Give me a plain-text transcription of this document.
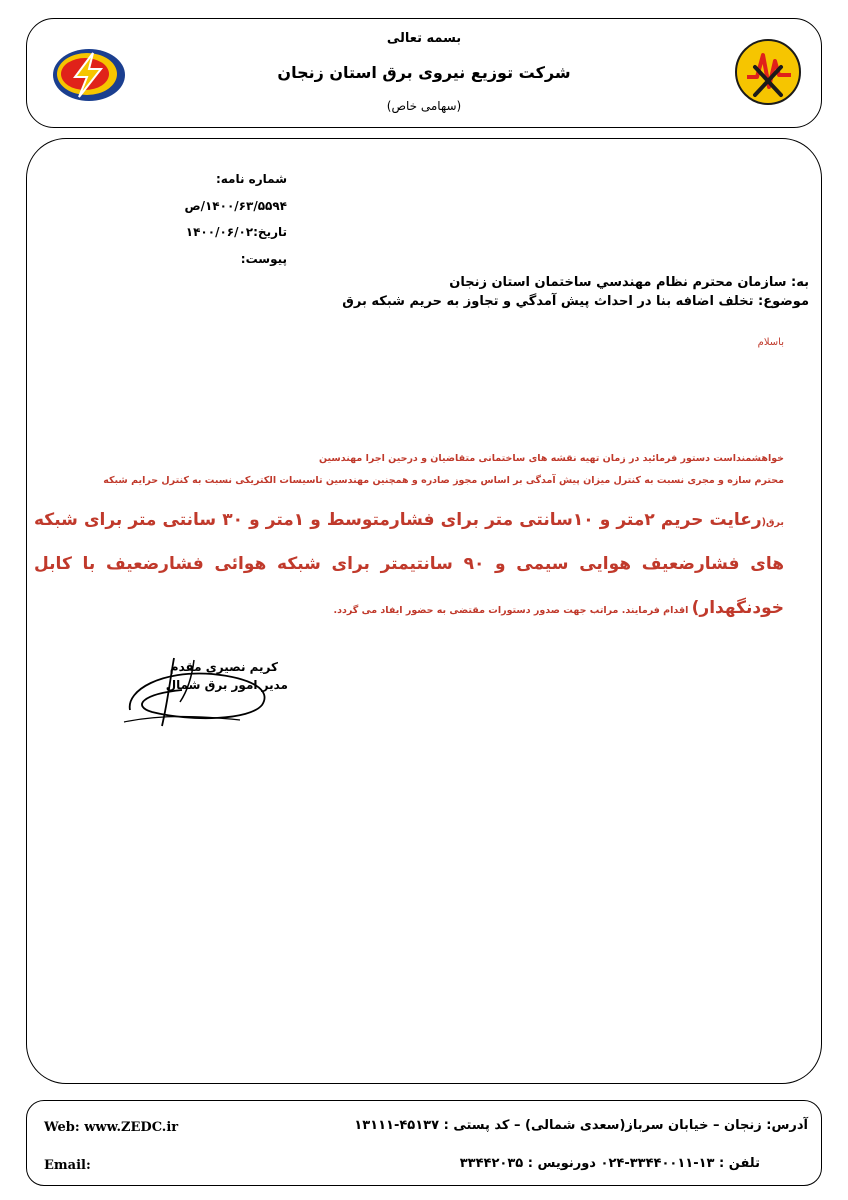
بسمه تعالی
شرکت توزیع نیروی برق استان زنجان
(سهامی خاص)
شماره نامه:
۱۴۰۰/۶۳/۵۵۹۴/ص
تاریخ:۱۴۰۰/۰۶/۰۲
پیوست:
به: سازمان محترم نظام مهندسي ساختمان استان زنجان
موضوع: تخلف اضافه بنا در احداث پیش آمدگي و تجاوز به حريم شبكه برق
باسلام
خواهشمنداست دستور فرمائید در زمان تهیه نقشه های ساختمانی متقاضیان و درحین اجرا مهندسین
محترم سازه و مجری نسبت به کنترل میزان پیش آمدگی بر اساس مجوز صادره و همچنین مهندسین تاسیسات الکتریکی نسبت به کنترل حرایم شبکه
برق(رعایت حریم ۲متر و ۱۰سانتی متر برای فشارمتوسط و ۱متر و ۳۰ سانتی متر برای شبکه های فشارضعیف هوایی سیمی و ۹۰ سانتیمتر برای شبکه هوائی فشارضعیف با کابل خودنگهدار) اقدام فرمایند. مراتب جهت صدور دستورات مقتضی به حضور ایفاد می گردد.
کریم نصیري مقدم
مدیر امور برق شمال
Web: www.ZEDC.ir
Email:
آدرس: زنجان – خیابان سرباز(سعدی شمالی) – کد پستی : ۴۵۱۳۷-۱۳۱۱۱
تلفن : ۱۳-۳۳۴۴۰۰۱۱-۰۲۴ دورنویس : ۳۳۴۴۲۰۳۵
